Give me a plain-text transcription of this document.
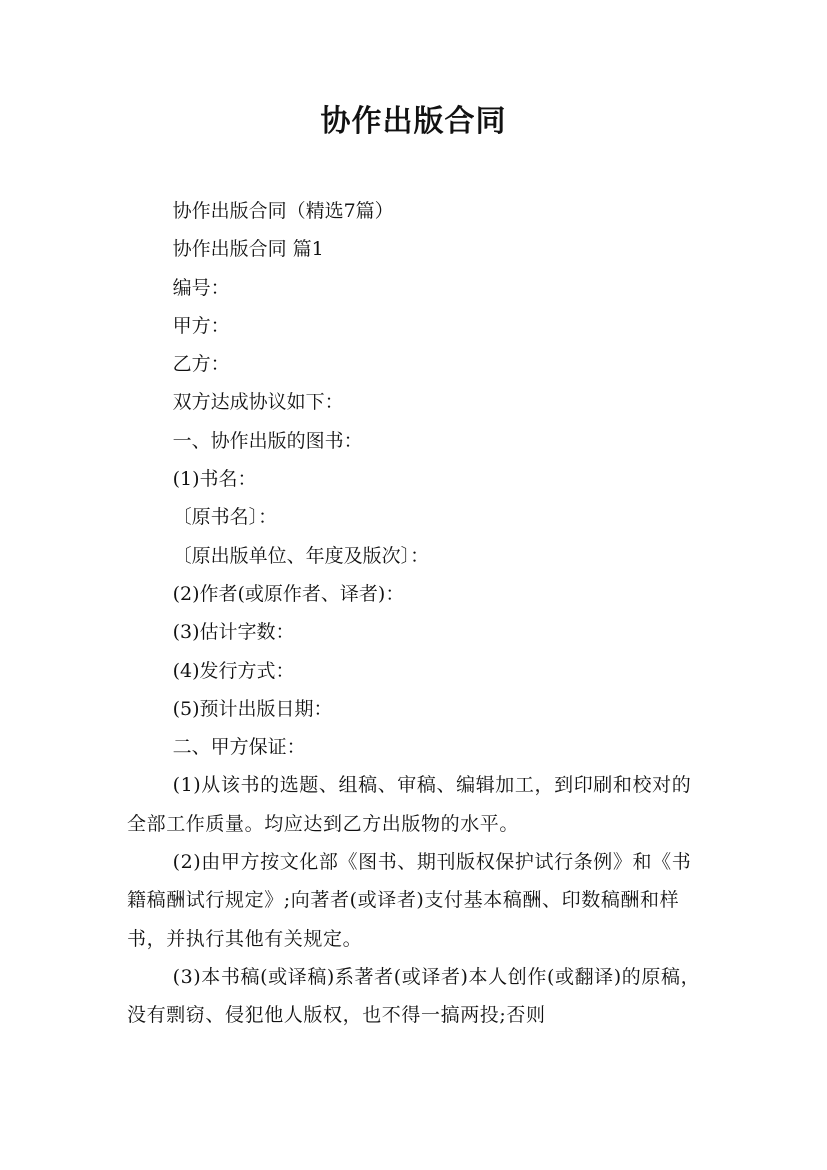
协作出版合同

协作出版合同（精选7篇）

协作出版合同 篇1

编号：

甲方：

乙方：

双方达成协议如下：

一、协作出版的图书：

(1)书名：

〔原书名〕：

〔原出版单位、年度及版次〕：

(2)作者(或原作者、译者)：

(3)估计字数：

(4)发行方式：

(5)预计出版日期：

二、甲方保证：

(1)从该书的选题、组稿、审稿、编辑加工，到印刷和校对的全部工作质量。均应达到乙方出版物的水平。

(2)由甲方按文化部《图书、期刊版权保护试行条例》和《书籍稿酬试行规定》;向著者(或译者)支付基本稿酬、印数稿酬和样书，并执行其他有关规定。

(3)本书稿(或译稿)系著者(或译者)本人创作(或翻译)的原稿，没有剽窃、侵犯他人版权，也不得一搞两投;否则
